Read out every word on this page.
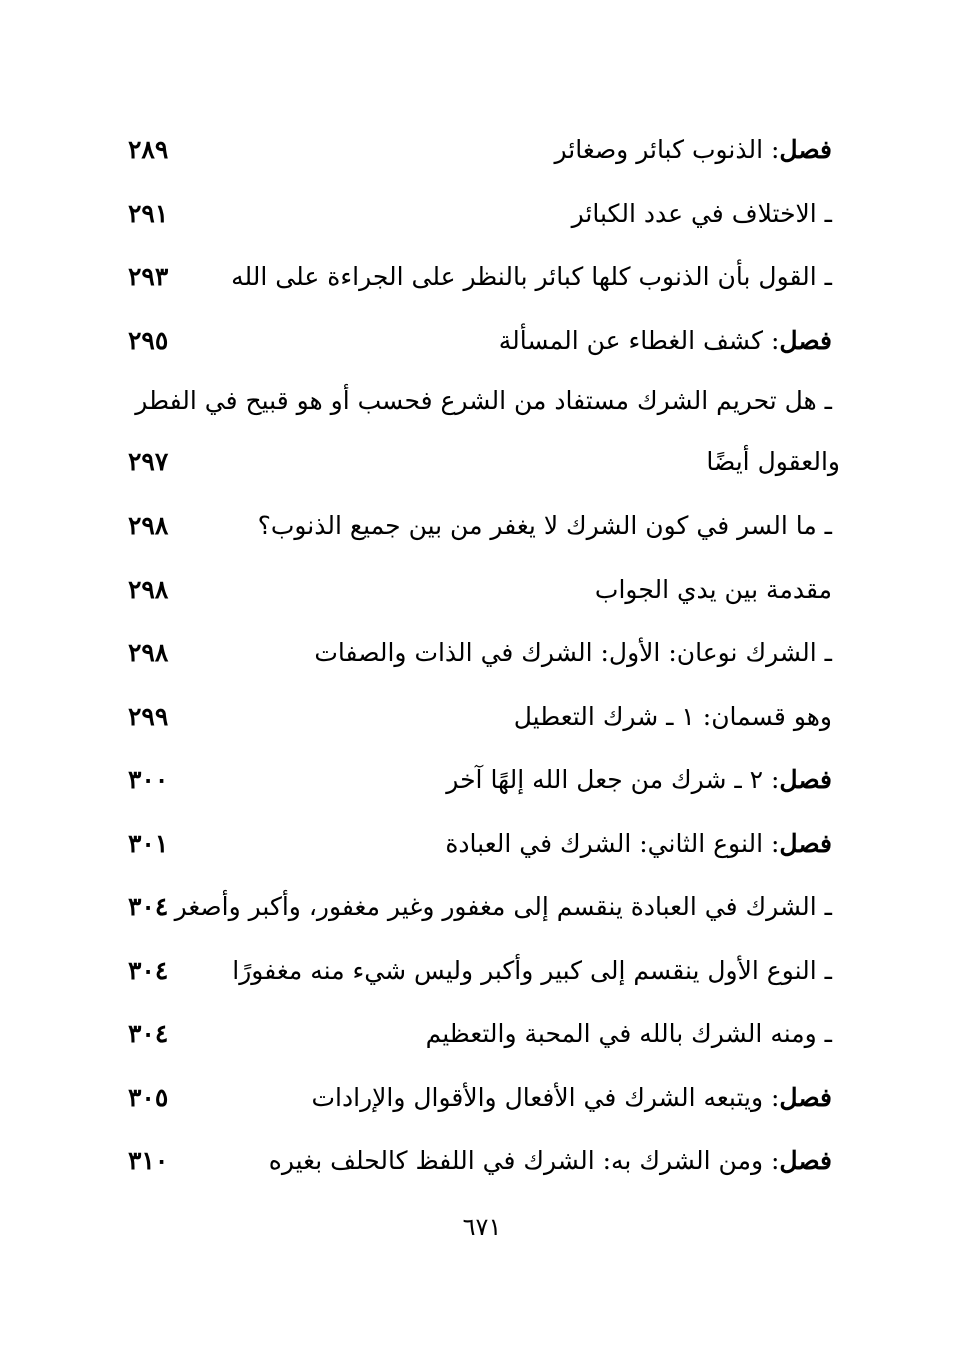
فصل: الذنوب كبائر وصغائر
٢٨٩
ـ الاختلاف في عدد الكبائر
٢٩١
ـ القول بأن الذنوب كلها كبائر بالنظر على الجراءة على الله
٢٩٣
فصل: كشف الغطاء عن المسألة
٢٩٥
ـ هل تحريم الشرك مستفاد من الشرع فحسب أو هو قبيح في الفطر
والعقول أيضًا
٢٩٧
ـ ما السر في كون الشرك لا يغفر من بين جميع الذنوب؟
٢٩٨
مقدمة بين يدي الجواب
٢٩٨
ـ الشرك نوعان: الأول: الشرك في الذات والصفات
٢٩٨
وهو قسمان: ١ ـ شرك التعطيل
٢٩٩
فصل: ٢ ـ شرك من جعل الله إلهًا آخر
٣٠٠
فصل: النوع الثاني: الشرك في العبادة
٣٠١
ـ الشرك في العبادة ينقسم إلى مغفور وغير مغفور، وأكبر وأصغر
٣٠٤
ـ النوع الأول ينقسم إلى كبير وأكبر وليس شيء منه مغفورًا
٣٠٤
ـ ومنه الشرك بالله في المحبة والتعظيم
٣٠٤
فصل: ويتبعه الشرك في الأفعال والأقوال والإرادات
٣٠٥
فصل: ومن الشرك به: الشرك في اللفظ كالحلف بغيره
٣١٠
٦٧١
